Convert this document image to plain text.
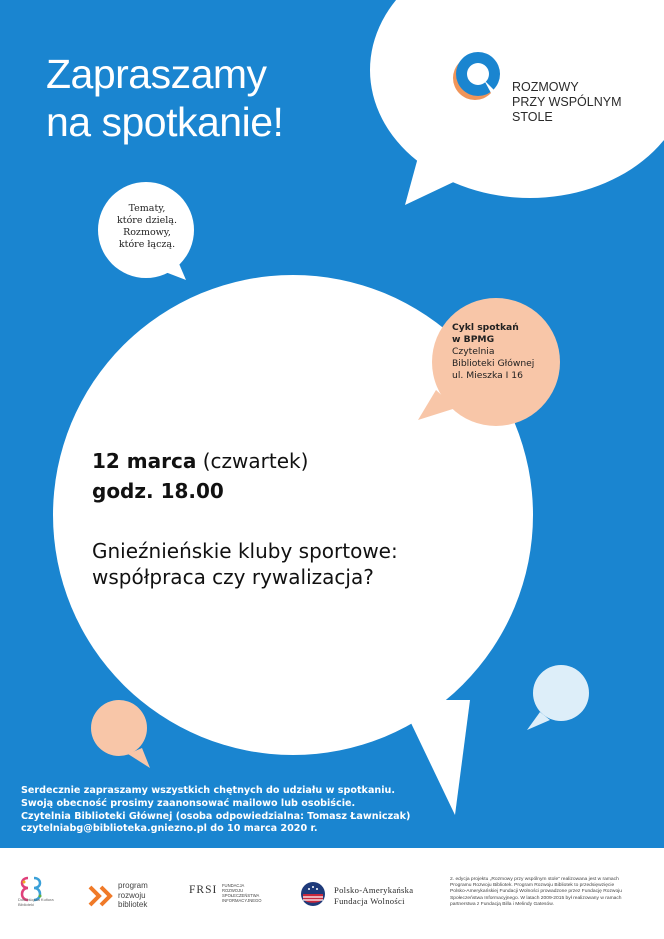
Zapraszamy
na spotkanie!
ROZMOWY
PRZY WSPÓLNYM
STOLE
Tematy,
które dzielą.
Rozmowy,
które łączą.
Cykl spotkań
w BPMG
Czytelnia
Biblioteki Głównej
ul. Mieszka I 16
12 marca (czwartek)
godz. 18.00
Gnieźnieńskie kluby sportowe:
współpraca czy rywalizacja?
Serdecznie zapraszamy wszystkich chętnych do udziału w spotkaniu.
Swoją obecność prosimy zaanonsować mailowo lub osobiście.
Czytelnia Biblioteki Głównej (osoba odpowiedzialna: Tomasz Ławniczak)
czytelniabg@biblioteka.gniezno.pl do 10 marca 2020 r.
Dolnośląska Kultura
Biblioteki
program
rozwoju
bibliotek
FRSI FUNDACJA
ROZWOJU
SPOŁECZEŃSTWA
INFORMACYJNEGO
Polsko-Amerykańska
Fundacja Wolności
2. edycja projektu „Rozmowy przy wspólnym stole” realizowana jest w ramach
Programu Rozwoju Bibliotek. Program Rozwoju Bibliotek to przedsięwzięcie
Polsko-Amerykańskiej Fundacji Wolności prowadzone przez Fundację Rozwoju
Społeczeństwa Informacyjnego. W latach 2009-2015 był realizowany w ramach
partnerstwa z Fundacją Billa i Melindy Gatesów.
